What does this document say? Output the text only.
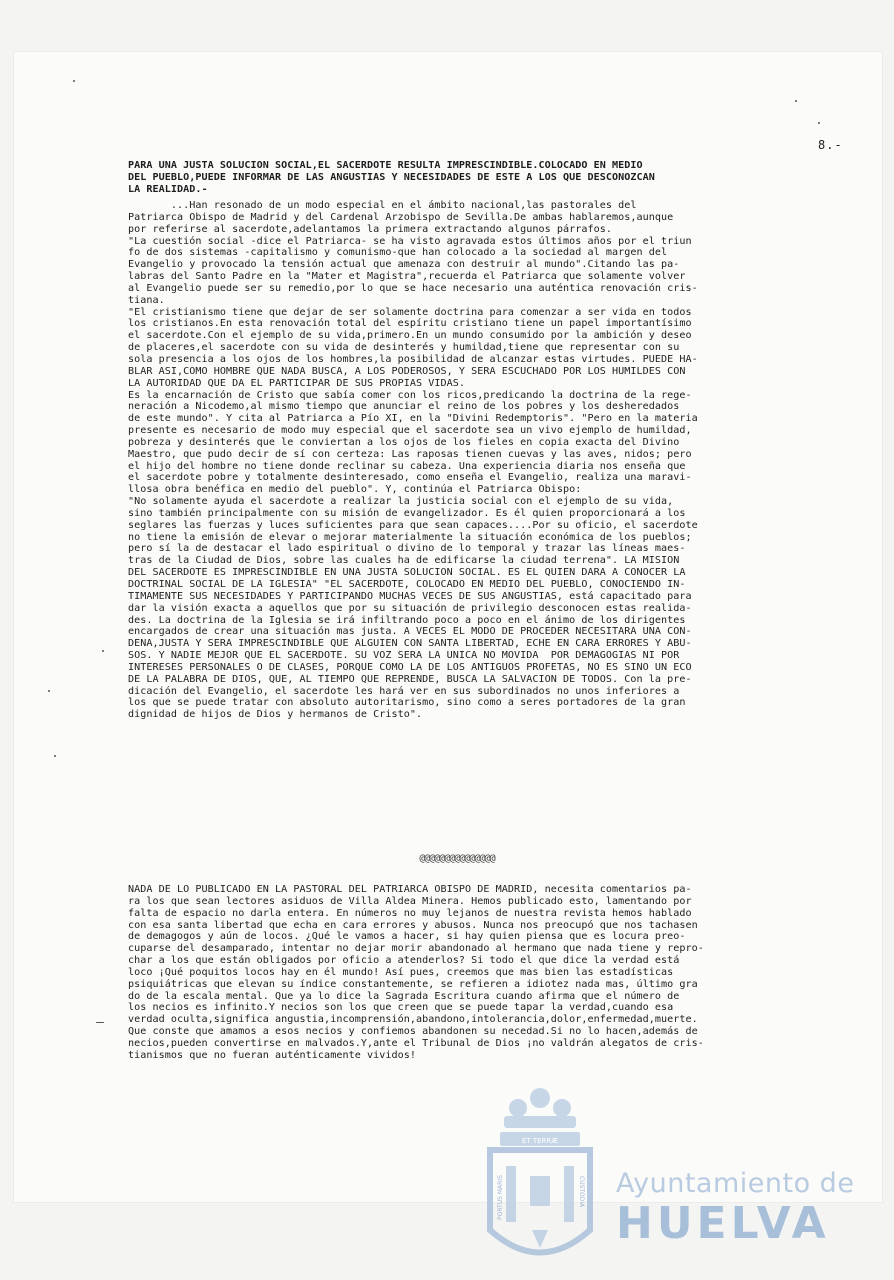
8.-
PARA UNA JUSTA SOLUCION SOCIAL,EL SACERDOTE RESULTA IMPRESCINDIBLE.COLOCADO EN MEDIO
DEL PUEBLO,PUEDE INFORMAR DE LAS ANGUSTIAS Y NECESIDADES DE ESTE A LOS QUE DESCONOZCAN
LA REALIDAD.-
...Han resonado de un modo especial en el ámbito nacional,las pastorales del
Patriarca Obispo de Madrid y del Cardenal Arzobispo de Sevilla.De ambas hablaremos,aunque
por referirse al sacerdote,adelantamos la primera extractando algunos párrafos.
"La cuestión social -dice el Patriarca- se ha visto agravada estos últimos años por el triun
fo de dos sistemas -capitalismo y comunismo-que han colocado a la sociedad al margen del
Evangelio y provocado la tensión actual que amenaza con destruir al mundo".Citando las pa-
labras del Santo Padre en la "Mater et Magistra",recuerda el Patriarca que solamente volver
al Evangelio puede ser su remedio,por lo que se hace necesario una auténtica renovación cris-
tiana.
"El cristianismo tiene que dejar de ser solamente doctrina para comenzar a ser vida en todos
los cristianos.En esta renovación total del espíritu cristiano tiene un papel importantísimo
el sacerdote.Con el ejemplo de su vida,primero.En un mundo consumido por la ambición y deseo
de placeres,el sacerdote con su vida de desinterés y humildad,tiene que representar con su
sola presencia a los ojos de los hombres,la posibilidad de alcanzar estas virtudes. PUEDE HA-
BLAR ASI,COMO HOMBRE QUE NADA BUSCA, A LOS PODEROSOS, Y SERA ESCUCHADO POR LOS HUMILDES CON
LA AUTORIDAD QUE DA EL PARTICIPAR DE SUS PROPIAS VIDAS.
Es la encarnación de Cristo que sabía comer con los ricos,predicando la doctrina de la rege-
neración a Nicodemo,al mismo tiempo que anunciar el reino de los pobres y los desheredados
de este mundo". Y cita al Patriarca a Pío XI, en la "Divini Redemptoris". "Pero en la materia
presente es necesario de modo muy especial que el sacerdote sea un vivo ejemplo de humildad,
pobreza y desinterés que le conviertan a los ojos de los fieles en copia exacta del Divino
Maestro, que pudo decir de sí con certeza: Las raposas tienen cuevas y las aves, nidos; pero
el hijo del hombre no tiene donde reclinar su cabeza. Una experiencia diaria nos enseña que
el sacerdote pobre y totalmente desinteresado, como enseña el Evangelio, realiza una maravi-
llosa obra benéfica en medio del pueblo". Y, continúa el Patriarca Obispo:
"No solamente ayuda el sacerdote a realizar la justicia social con el ejemplo de su vida,
sino también principalmente con su misión de evangelizador. Es él quien proporcionará a los
seglares las fuerzas y luces suficientes para que sean capaces....Por su oficio, el sacerdote
no tiene la emisión de elevar o mejorar materialmente la situación económica de los pueblos;
pero sí la de destacar el lado espiritual o divino de lo temporal y trazar las líneas maes-
tras de la Ciudad de Dios, sobre las cuales ha de edificarse la ciudad terrena". LA MISION
DEL SACERDOTE ES IMPRESCINDIBLE EN UNA JUSTA SOLUCION SOCIAL. ES EL QUIEN DARA A CONOCER LA
DOCTRINAL SOCIAL DE LA IGLESIA" "EL SACERDOTE, COLOCADO EN MEDIO DEL PUEBLO, CONOCIENDO IN-
TIMAMENTE SUS NECESIDADES Y PARTICIPANDO MUCHAS VECES DE SUS ANGUSTIAS, está capacitado para
dar la visión exacta a aquellos que por su situación de privilegio desconocen estas realida-
des. La doctrina de la Iglesia se irá infiltrando poco a poco en el ánimo de los dirigentes
encargados de crear una situación mas justa. A VECES EL MODO DE PROCEDER NECESITARA UNA CON-
DENA,JUSTA Y SERA IMPRESCINDIBLE QUE ALGUIEN CON SANTA LIBERTAD, ECHE EN CARA ERRORES Y ABU-
SOS. Y NADIE MEJOR QUE EL SACERDOTE. SU VOZ SERA LA UNICA NO MOVIDA  POR DEMAGOGIAS NI POR
INTERESES PERSONALES O DE CLASES, PORQUE COMO LA DE LOS ANTIGUOS PROFETAS, NO ES SINO UN ECO
DE LA PALABRA DE DIOS, QUE, AL TIEMPO QUE REPRENDE, BUSCA LA SALVACION DE TODOS. Con la pre-
dicación del Evangelio, el sacerdote les hará ver en sus subordinados no unos inferiores a
los que se puede tratar con absoluto autoritarismo, sino como a seres portadores de la gran
dignidad de hijos de Dios y hermanos de Cristo".
@@@@@@@@@@@@@@@
NADA DE LO PUBLICADO EN LA PASTORAL DEL PATRIARCA OBISPO DE MADRID, necesita comentarios pa-
ra los que sean lectores asiduos de Villa Aldea Minera. Hemos publicado esto, lamentando por
falta de espacio no darla entera. En números no muy lejanos de nuestra revista hemos hablado
con esa santa libertad que echa en cara errores y abusos. Nunca nos preocupó que nos tachasen
de demagogos y aún de locos. ¿Qué le vamos a hacer, si hay quien piensa que es locura preo-
cuparse del desamparado, intentar no dejar morir abandonado al hermano que nada tiene y repro-
char a los que están obligados por oficio a atenderlos? Si todo el que dice la verdad está
loco ¡Qué poquitos locos hay en él mundo! Así pues, creemos que mas bien las estadísticas
psiquiátricas que elevan su índice constantemente, se refieren a idiotez nada mas, último gra
do de la escala mental. Que ya lo dice la Sagrada Escritura cuando afirma que el número de
los necios es infinito.Y necios son los que creen que se puede tapar la verdad,cuando esa
verdad oculta,significa angustia,incomprensión,abandono,intolerancia,dolor,enfermedad,muerte.
Que conste que amamos a esos necios y confiemos abandonen su necedad.Si no lo hacen,además de
necios,pueden convertirse en malvados.Y,ante el Tribunal de Dios ¡no valdrán alegatos de cris-
tianismos que no fueran auténticamente vividos!
ET TERRÆ
PORTUS MARIS	CUSTODIA Ayuntamiento de
HUELVA
